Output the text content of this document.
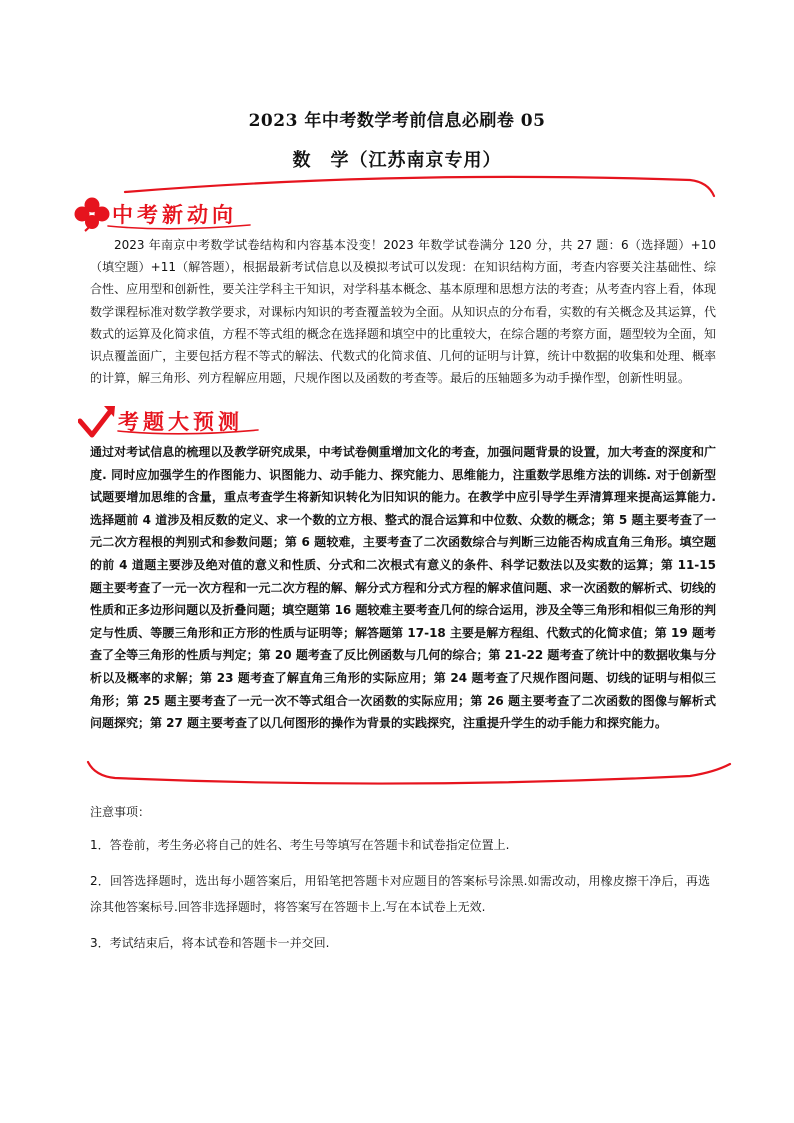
2023 年中考数学考前信息必刷卷 05
数　学（江苏南京专用）
中考新动向
2023 年南京中考数学试卷结构和内容基本没变！2023 年数学试卷满分 120 分，共 27 题：6（选择题）+10（填空题）+11（解答题），根据最新考试信息以及模拟考试可以发现：在知识结构方面，考查内容要关注基础性、综合性、应用型和创新性，要关注学科主干知识，对学科基本概念、基本原理和思想方法的考查；从考查内容上看，体现数学课程标准对数学教学要求，对课标内知识的考查覆盖较为全面。从知识点的分布看，实数的有关概念及其运算，代数式的运算及化简求值，方程不等式组的概念在选择题和填空中的比重较大，在综合题的考察方面，题型较为全面，知识点覆盖面广，主要包括方程不等式的解法、代数式的化简求值、几何的证明与计算，统计中数据的收集和处理、概率的计算，解三角形、列方程解应用题，尺规作图以及函数的考查等。最后的压轴题多为动手操作型，创新性明显。
考题大预测
通过对考试信息的梳理以及教学研究成果，中考试卷侧重增加文化的考查，加强问题背景的设置，加大考查的深度和广度. 同时应加强学生的作图能力、识图能力、动手能力、探究能力、思维能力，注重数学思维方法的训练. 对于创新型试题要增加思维的含量，重点考查学生将新知识转化为旧知识的能力。在教学中应引导学生弄清算理来提高运算能力. 选择题前 4 道涉及相反数的定义、求一个数的立方根、整式的混合运算和中位数、众数的概念；第 5 题主要考查了一元二次方程根的判别式和参数问题；第 6 题较难，主要考查了二次函数综合与判断三边能否构成直角三角形。填空题的前 4 道题主要涉及绝对值的意义和性质、分式和二次根式有意义的条件、科学记数法以及实数的运算；第 11-15 题主要考查了一元一次方程和一元二次方程的解、解分式方程和分式方程的解求值问题、求一次函数的解析式、切线的性质和正多边形问题以及折叠问题；填空题第 16 题较难主要考查几何的综合运用，涉及全等三角形和相似三角形的判定与性质、等腰三角形和正方形的性质与证明等；解答题第 17-18 主要是解方程组、代数式的化简求值；第 19 题考查了全等三角形的性质与判定；第 20 题考查了反比例函数与几何的综合；第 21-22 题考查了统计中的数据收集与分析以及概率的求解；第 23 题考查了解直角三角形的实际应用；第 24 题考查了尺规作图问题、切线的证明与相似三角形；第 25 题主要考查了一元一次不等式组合一次函数的实际应用；第 26 题主要考查了二次函数的图像与解析式问题探究；第 27 题主要考查了以几何图形的操作为背景的实践探究，注重提升学生的动手能力和探究能力。

注意事项：

1．答卷前，考生务必将自己的姓名、考生号等填写在答题卡和试卷指定位置上.

2．回答选择题时，选出每小题答案后，用铅笔把答题卡对应题目的答案标号涂黑.如需改动，用橡皮擦干净后，再选涂其他答案标号.回答非选择题时，将答案写在答题卡上.写在本试卷上无效.

3．考试结束后，将本试卷和答题卡一并交回.
